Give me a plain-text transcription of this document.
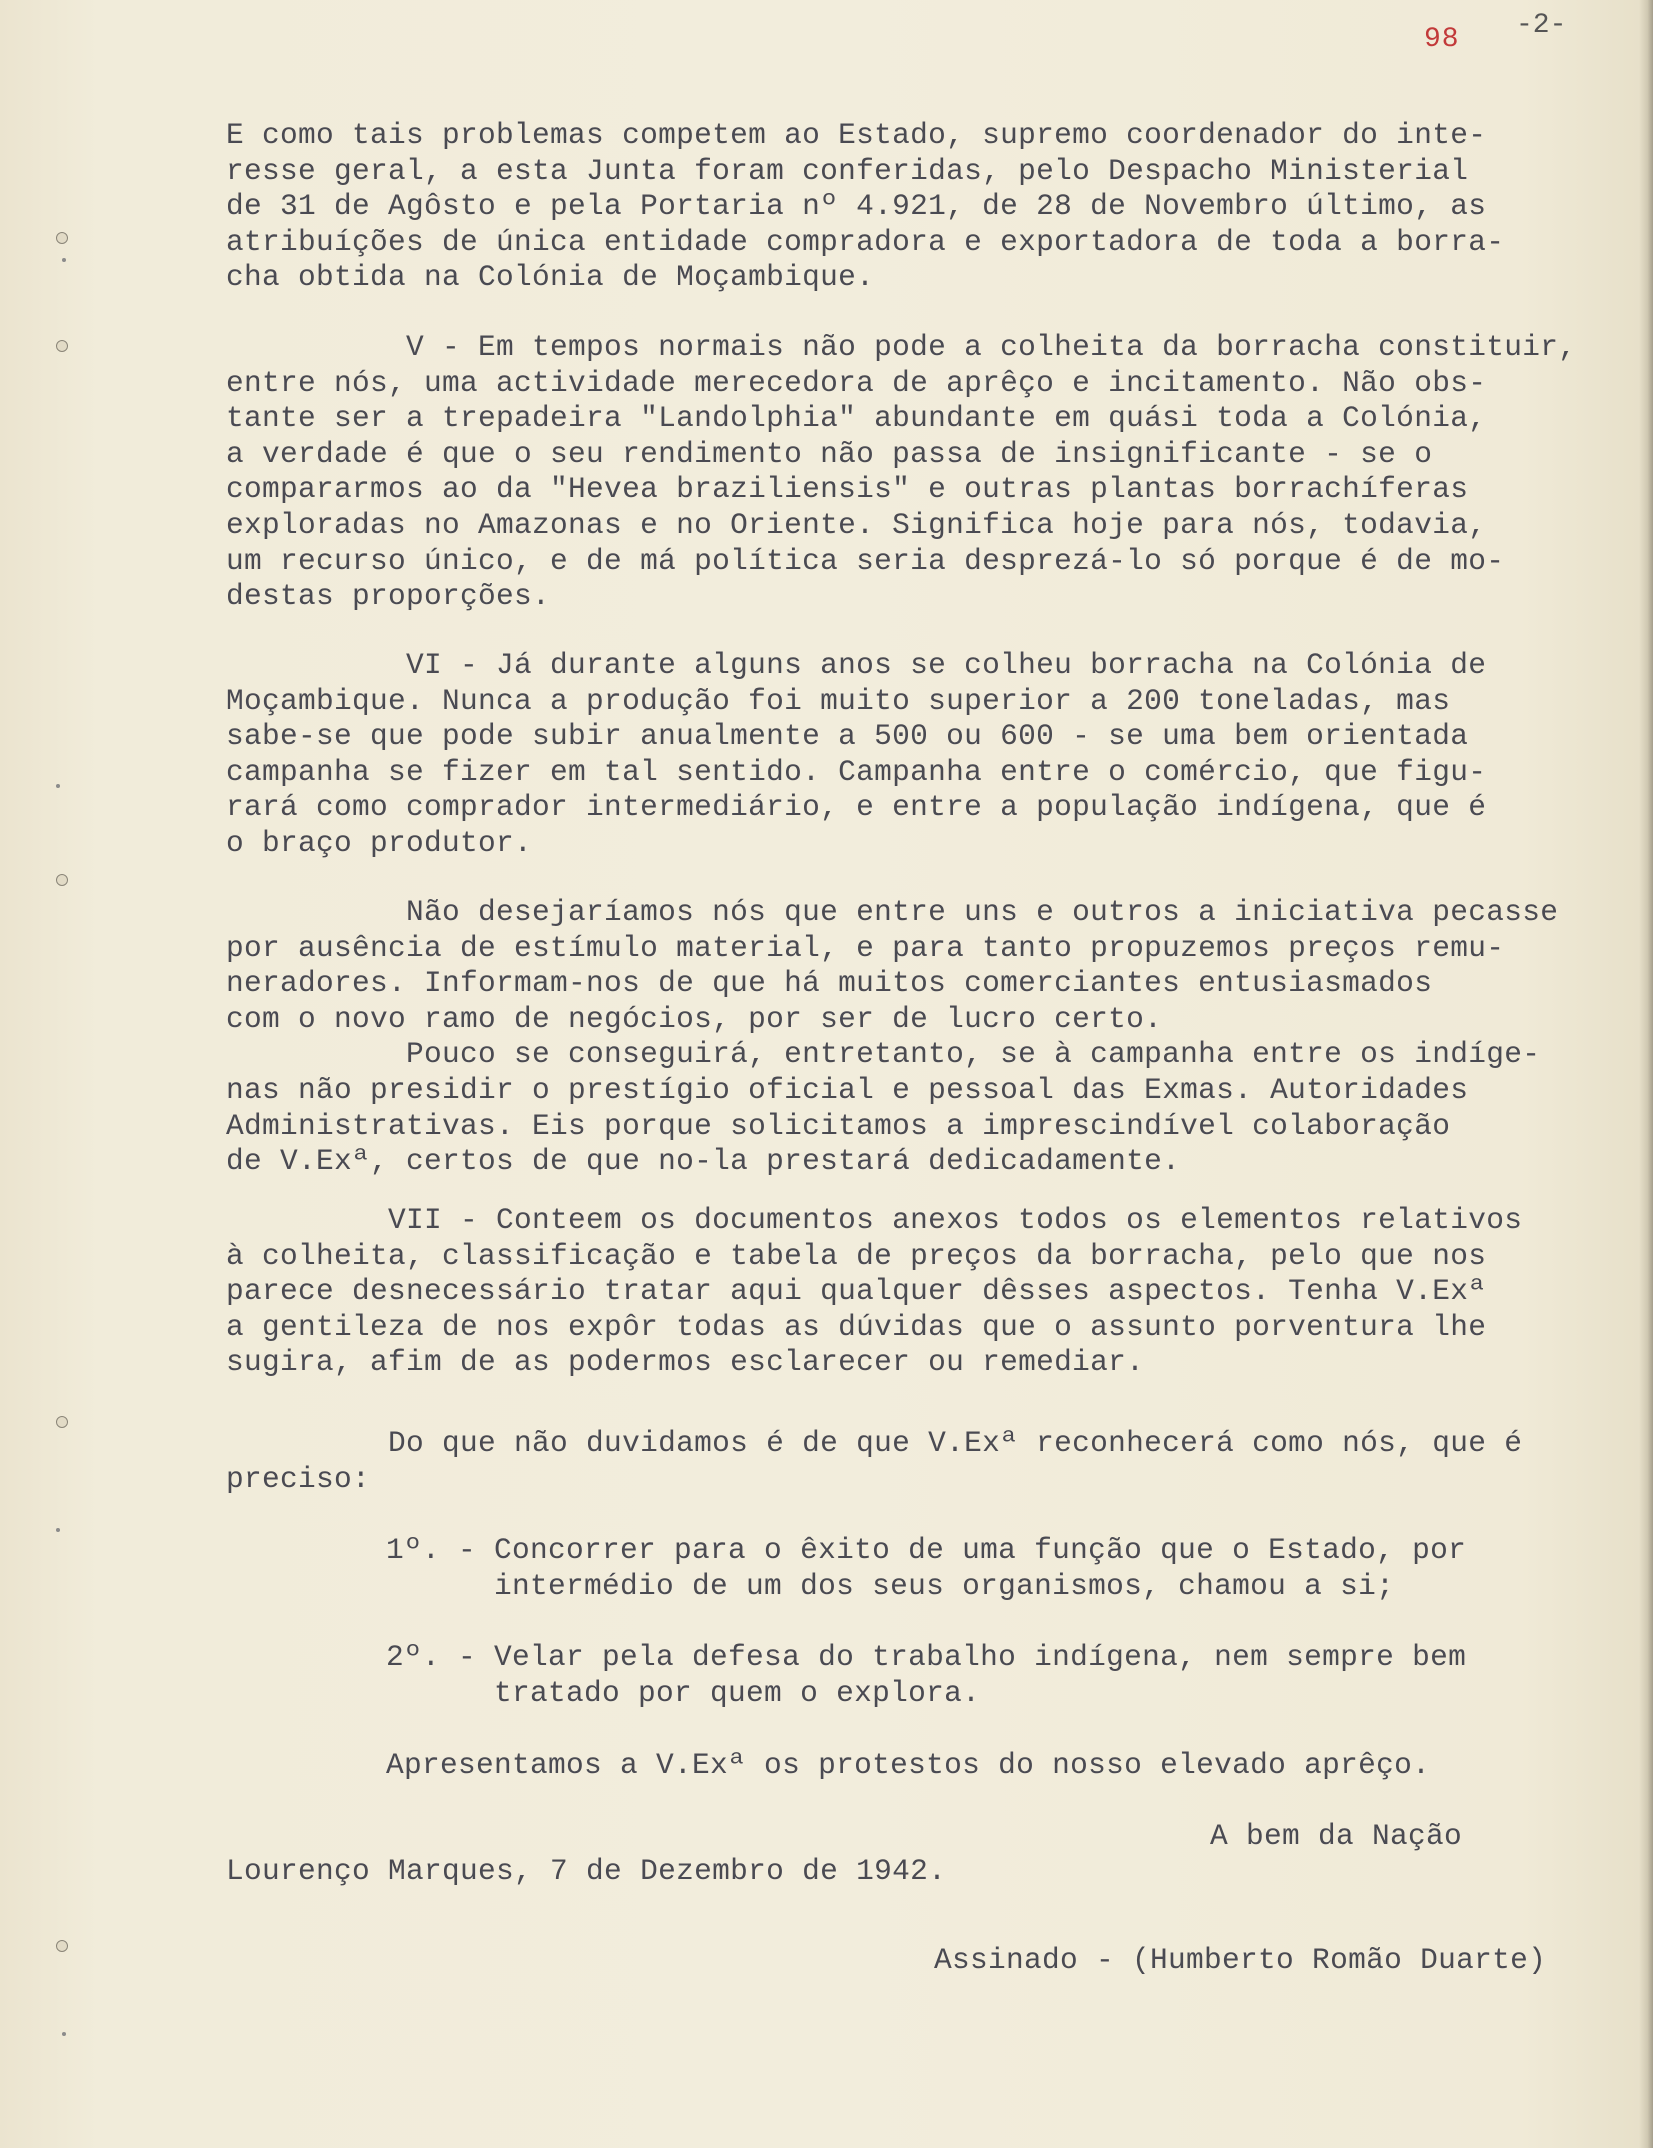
98 -2-
E como tais problemas competem ao Estado, supremo coordenador do inte-
resse geral, a esta Junta foram conferidas, pelo Despacho Ministerial
de 31 de Agôsto e pela Portaria nº 4.921, de 28 de Novembro último, as
atribuíções de única entidade compradora e exportadora de toda a borra-
cha obtida na Colónia de Moçambique.
V - Em tempos normais não pode a colheita da borracha constituir,
entre nós, uma actividade merecedora de aprêço e incitamento. Não obs-
tante ser a trepadeira "Landolphia" abundante em quási toda a Colónia,
a verdade é que o seu rendimento não passa de insignificante - se o
compararmos ao da "Hevea braziliensis" e outras plantas borrachíferas
exploradas no Amazonas e no Oriente. Significa hoje para nós, todavia,
um recurso único, e de má política seria desprezá-lo só porque é de mo-
destas proporções.
VI - Já durante alguns anos se colheu borracha na Colónia de
Moçambique. Nunca a produção foi muito superior a 200 toneladas, mas
sabe-se que pode subir anualmente a 500 ou 600 - se uma bem orientada
campanha se fizer em tal sentido. Campanha entre o comércio, que figu-
rará como comprador intermediário, e entre a população indígena, que é
o braço produtor.
Não desejaríamos nós que entre uns e outros a iniciativa pecasse
por ausência de estímulo material, e para tanto propuzemos preços remu-
neradores. Informam-nos de que há muitos comerciantes entusiasmados
com o novo ramo de negócios, por ser de lucro certo.
Pouco se conseguirá, entretanto, se à campanha entre os indíge-
nas não presidir o prestígio oficial e pessoal das Exmas. Autoridades
Administrativas. Eis porque solicitamos a imprescindível colaboração
de V.Exª, certos de que no-la prestará dedicadamente.
VII - Conteem os documentos anexos todos os elementos relativos
à colheita, classificação e tabela de preços da borracha, pelo que nos
parece desnecessário tratar aqui qualquer dêsses aspectos. Tenha V.Exª
a gentileza de nos expôr todas as dúvidas que o assunto porventura lhe
sugira, afim de as podermos esclarecer ou remediar.
Do que não duvidamos é de que V.Exª reconhecerá como nós, que é
preciso:
1º. - Concorrer para o êxito de uma função que o Estado, por
intermédio de um dos seus organismos, chamou a si;
2º. - Velar pela defesa do trabalho indígena, nem sempre bem
tratado por quem o explora.
Apresentamos a V.Exª os protestos do nosso elevado aprêço.
A bem da Nação
Lourenço Marques, 7 de Dezembro de 1942.
Assinado - (Humberto Romão Duarte)
